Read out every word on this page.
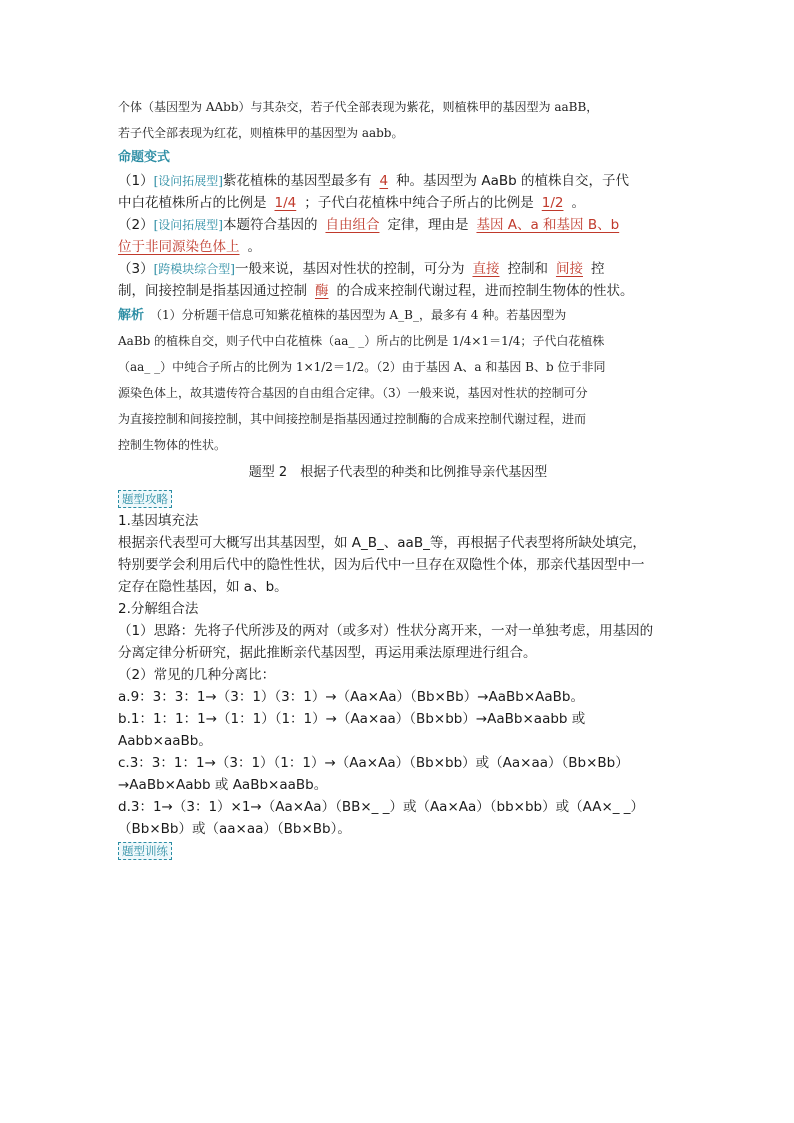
个体（基因型为 AAbb）与其杂交，若子代全部表现为紫花，则植株甲的基因型为 aaBB，
若子代全部表现为红花，则植株甲的基因型为 aabb。
命题变式
（1）[设问拓展型]紫花植株的基因型最多有 4 种。基因型为 AaBb 的植株自交，子代
中白花植株所占的比例是 1/4 ；子代白花植株中纯合子所占的比例是 1/2 。
（2）[设问拓展型]本题符合基因的 自由组合 定律，理由是 基因 A、a 和基因 B、b
位于非同源染色体上 。
（3）[跨模块综合型]一般来说，基因对性状的控制，可分为 直接 控制和 间接 控
制，间接控制是指基因通过控制 酶 的合成来控制代谢过程，进而控制生物体的性状。
解析　 （1）分析题干信息可知紫花植株的基因型为 A_B_，最多有 4 种。若基因型为
AaBb 的植株自交，则子代中白花植株（aa_ _）所占的比例是 1/4×1＝1/4；子代白花植株
（aa_ _）中纯合子所占的比例为 1×1/2＝1/2。（2）由于基因 A、a 和基因 B、b 位于非同
源染色体上，故其遗传符合基因的自由组合定律。（3）一般来说，基因对性状的控制可分
为直接控制和间接控制，其中间接控制是指基因通过控制酶的合成来控制代谢过程，进而
控制生物体的性状。
题型 2　根据子代表型的种类和比例推导亲代基因型
题型攻略
1.基因填充法
根据亲代表型可大概写出其基因型，如 A_B_、aaB_等，再根据子代表型将所缺处填完，
特别要学会利用后代中的隐性性状，因为后代中一旦存在双隐性个体，那亲代基因型中一
定存在隐性基因，如 a、b。
2.分解组合法
（1）思路：先将子代所涉及的两对（或多对）性状分离开来，一对一单独考虑，用基因的
分离定律分析研究，据此推断亲代基因型，再运用乘法原理进行组合。
（2）常见的几种分离比：
a.9：3：3：1→（3：1）（3：1）→（Aa×Aa）（Bb×Bb）→AaBb×AaBb。
b.1：1：1：1→（1：1）（1：1）→（Aa×aa）（Bb×bb）→AaBb×aabb 或
Aabb×aaBb。
c.3：3：1：1→（3：1）（1：1）→（Aa×Aa）（Bb×bb）或（Aa×aa）（Bb×Bb）
→AaBb×Aabb 或 AaBb×aaBb。
d.3：1→（3：1）×1→（Aa×Aa）（BB×_ _）或（Aa×Aa）（bb×bb）或（AA×_ _）
（Bb×Bb）或（aa×aa）（Bb×Bb）。
题型训练
